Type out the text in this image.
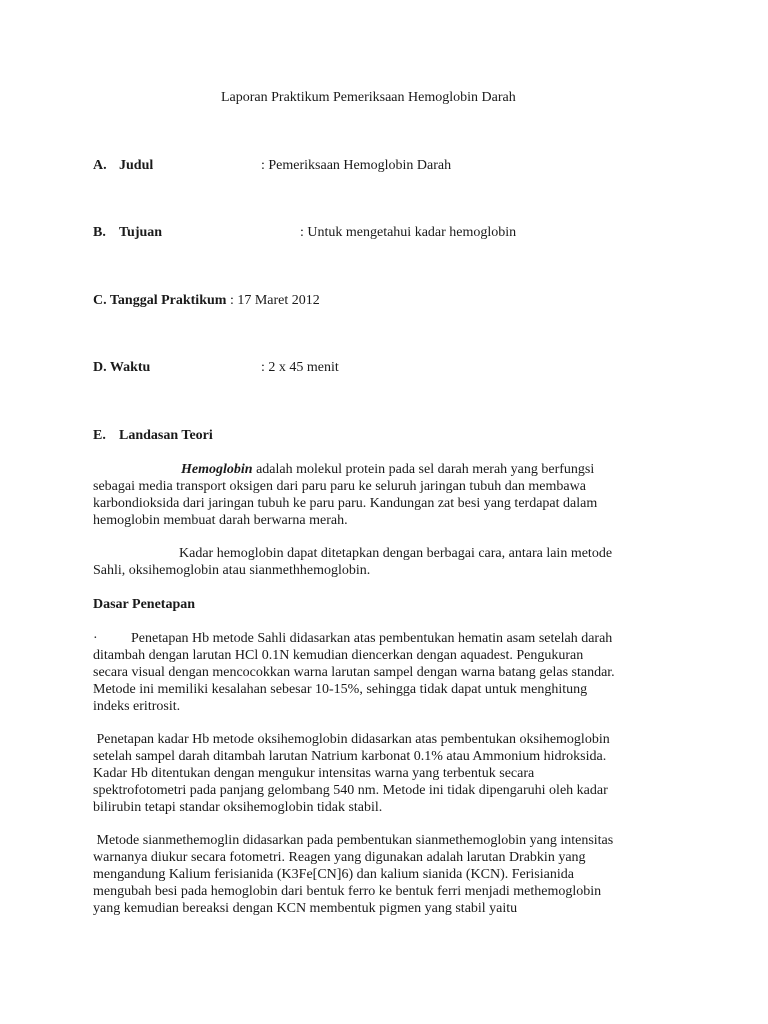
Laporan Praktikum Pemeriksaan Hemoglobin Darah
A. Judul	: Pemeriksaan Hemoglobin Darah
B. Tujuan	: Untuk mengetahui kadar hemoglobin
C. Tanggal Praktikum : 17 Maret 2012
D. Waktu	: 2 x 45 menit
E. Landasan Teori
Hemoglobin adalah molekul protein pada sel darah merah yang berfungsi

sebagai media transport oksigen dari paru paru ke seluruh jaringan tubuh dan membawa

karbondioksida dari jaringan tubuh ke paru paru. Kandungan zat besi yang terdapat dalam

hemoglobin membuat darah berwarna merah.

Kadar hemoglobin dapat ditetapkan dengan berbagai cara, antara lain metode
Sahli, oksihemoglobin atau sianmethhemoglobin.
Dasar Penetapan
· Penetapan Hb metode Sahli didasarkan atas pembentukan hematin asam setelah darah

ditambah dengan larutan HCl 0.1N kemudian diencerkan dengan aquadest. Pengukuran

secara visual dengan mencocokkan warna larutan sampel dengan warna batang gelas standar.

Metode ini memiliki kesalahan sebesar 10-15%, sehingga tidak dapat untuk menghitung

indeks eritrosit.

Penetapan kadar Hb metode oksihemoglobin didasarkan atas pembentukan oksihemoglobin

setelah sampel darah ditambah larutan Natrium karbonat 0.1% atau Ammonium hidroksida.

Kadar Hb ditentukan dengan mengukur intensitas warna yang terbentuk secara

spektrofotometri pada panjang gelombang 540 nm. Metode ini tidak dipengaruhi oleh kadar

bilirubin tetapi standar oksihemoglobin tidak stabil.

Metode sianmethemoglin didasarkan pada pembentukan sianmethemoglobin yang intensitas

warnanya diukur secara fotometri. Reagen yang digunakan adalah larutan Drabkin yang

mengandung Kalium ferisianida (K3Fe[CN]6) dan kalium sianida (KCN). Ferisianida

mengubah besi pada hemoglobin dari bentuk ferro ke bentuk ferri menjadi methemoglobin

yang kemudian bereaksi dengan KCN membentuk pigmen yang stabil yaitu
